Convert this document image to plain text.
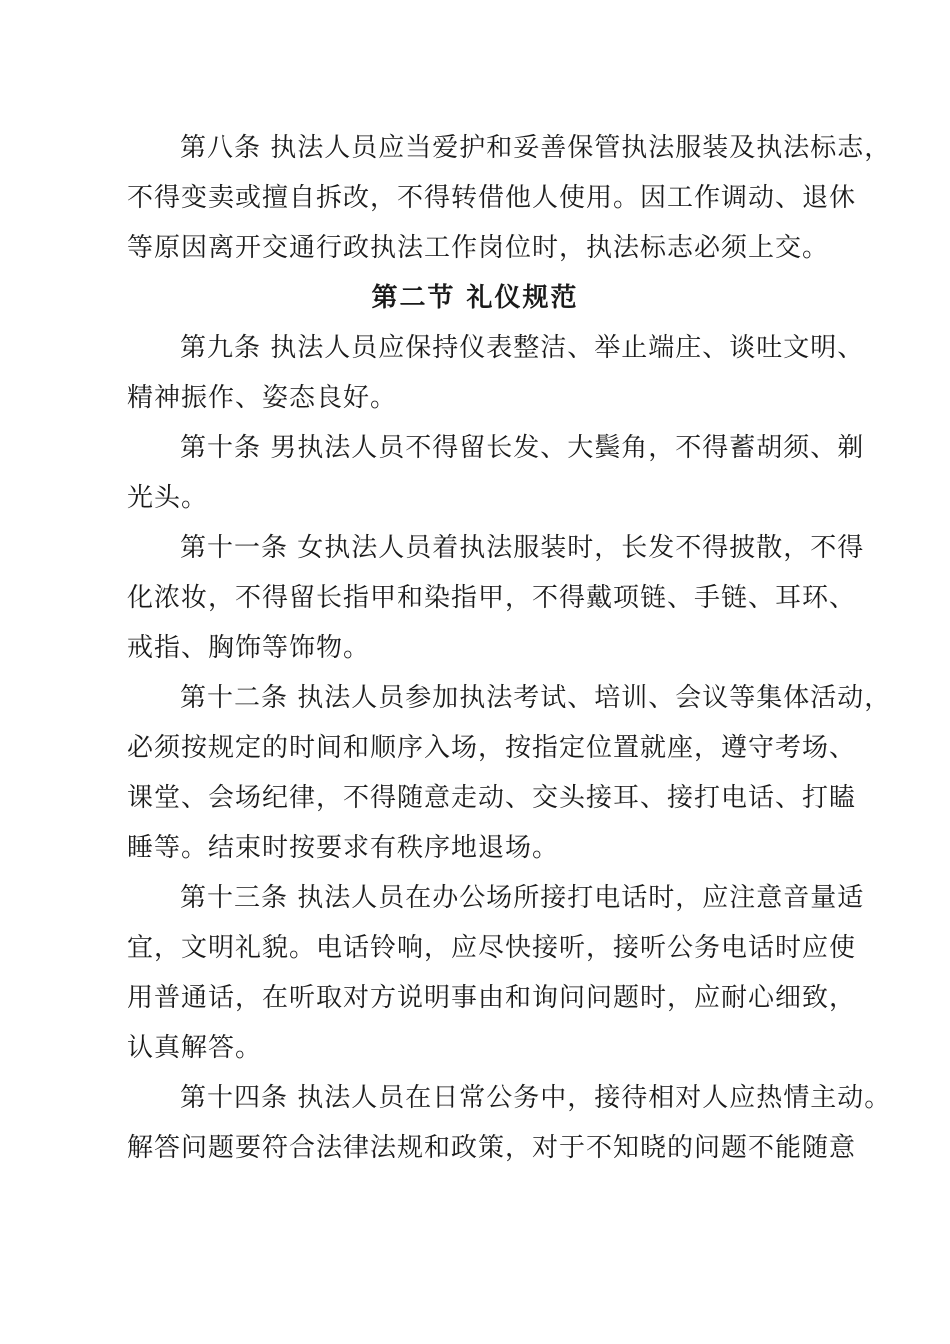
第八条 执法人员应当爱护和妥善保管执法服装及执法标志，
不得变卖或擅自拆改，不得转借他人使用。因工作调动、退休
等原因离开交通行政执法工作岗位时，执法标志必须上交。
第二节 礼仪规范
第九条 执法人员应保持仪表整洁、举止端庄、谈吐文明、
精神振作、姿态良好。
第十条 男执法人员不得留长发、大鬓角，不得蓄胡须、剃
光头。
第十一条 女执法人员着执法服装时，长发不得披散，不得
化浓妆，不得留长指甲和染指甲，不得戴项链、手链、耳环、
戒指、胸饰等饰物。
第十二条 执法人员参加执法考试、培训、会议等集体活动，
必须按规定的时间和顺序入场，按指定位置就座，遵守考场、
课堂、会场纪律，不得随意走动、交头接耳、接打电话、打瞌
睡等。结束时按要求有秩序地退场。
第十三条 执法人员在办公场所接打电话时，应注意音量适
宜，文明礼貌。电话铃响，应尽快接听，接听公务电话时应使
用普通话，在听取对方说明事由和询问问题时，应耐心细致，
认真解答。
第十四条 执法人员在日常公务中，接待相对人应热情主动。
解答问题要符合法律法规和政策，对于不知晓的问题不能随意
